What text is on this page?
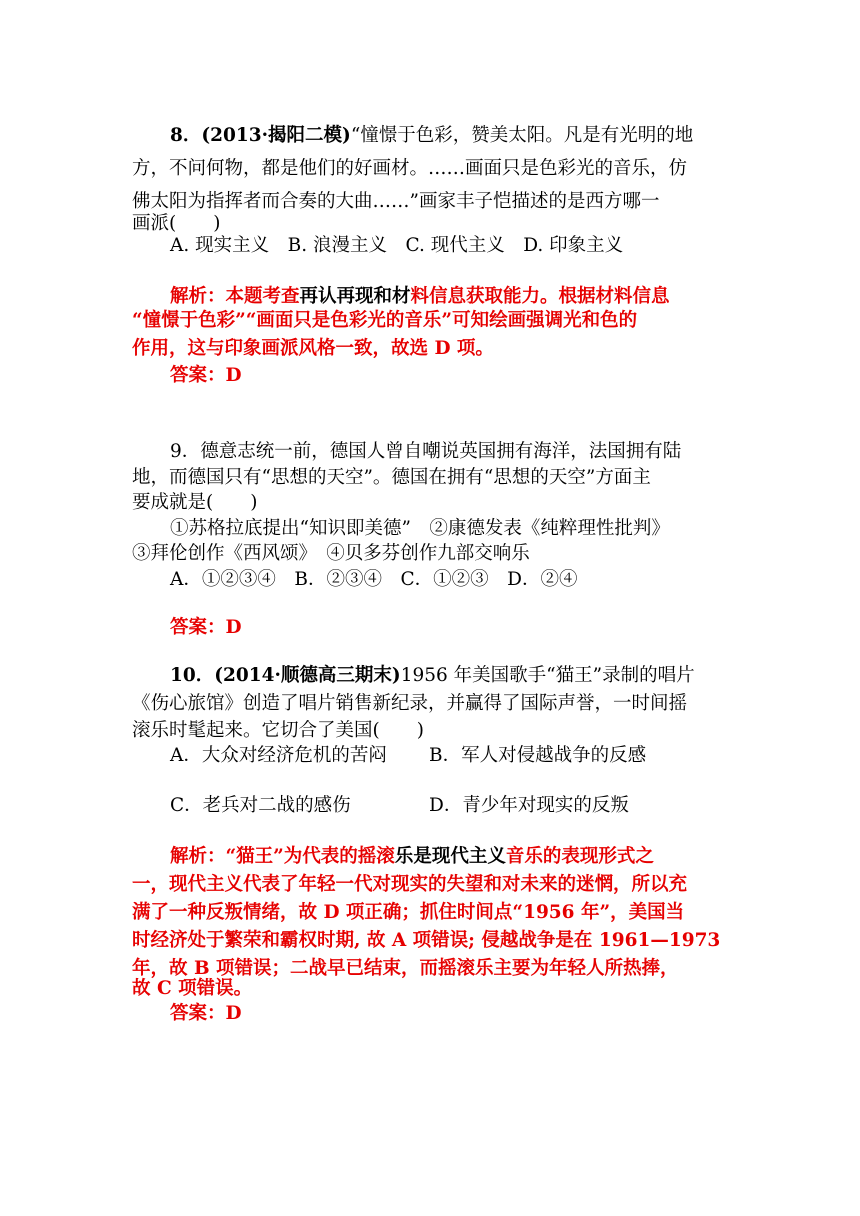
8．(2013·揭阳二模)“憧憬于色彩，赞美太阳。凡是有光明的地
方，不问何物，都是他们的好画材。……画面只是色彩光的音乐，仿
佛太阳为指挥者而合奏的大曲……”画家丰子恺描述的是西方哪一
画派(　　)
A. 现实主义　B. 浪漫主义　C. 现代主义　D. 印象主义
解析：本题考查再认再现和材料信息获取能力。根据材料信息
“憧憬于色彩”“画面只是色彩光的音乐”可知绘画强调光和色的
作用，这与印象画派风格一致，故选 D 项。
答案：D
9．德意志统一前，德国人曾自嘲说英国拥有海洋，法国拥有陆
地，而德国只有“思想的天空”。德国在拥有“思想的天空”方面主
要成就是(　　)
①苏格拉底提出“知识即美德”　②康德发表《纯粹理性批判》
③拜伦创作《西风颂》　④贝多芬创作九部交响乐
A．①②③④　B．②③④　C．①②③　D．②④
答案：D
10．(2014·顺德高三期末)1956 年美国歌手“猫王”录制的唱片
《伤心旅馆》创造了唱片销售新纪录，并赢得了国际声誉，一时间摇
滚乐时髦起来。它切合了美国(　　)
A．大众对经济危机的苦闷 B．军人对侵越战争的反感
C．老兵对二战的感伤	D．青少年对现实的反叛
解析：“猫王”为代表的摇滚乐是现代主义音乐的表现形式之
一，现代主义代表了年轻一代对现实的失望和对未来的迷惘，所以充
满了一种反叛情绪，故 D 项正确；抓住时间点“1956 年”，美国当
时经济处于繁荣和霸权时期, 故 A 项错误; 侵越战争是在 1961—1973
年，故 B 项错误；二战早已结束，而摇滚乐主要为年轻人所热捧，
故 C 项错误。
答案：D
